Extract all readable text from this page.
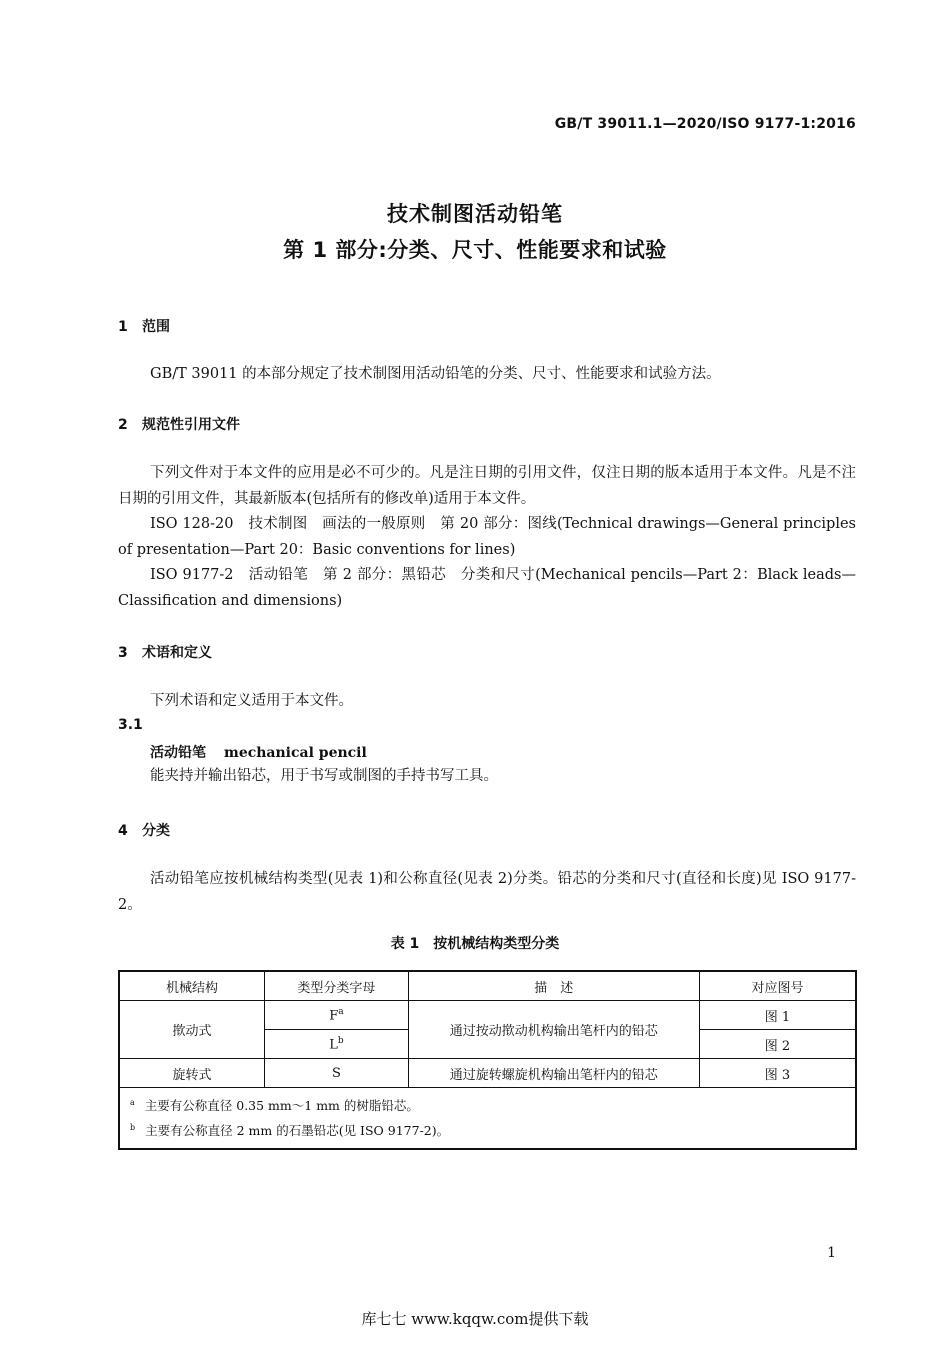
GB/T 39011.1—2020/ISO 9177-1:2016
技术制图活动铅笔
第 1 部分:分类、尺寸、性能要求和试验
1 范围
GB/T 39011 的本部分规定了技术制图用活动铅笔的分类、尺寸、性能要求和试验方法。
2 规范性引用文件
下列文件对于本文件的应用是必不可少的。凡是注日期的引用文件，仅注日期的版本适用于本文件。凡是不注日期的引用文件，其最新版本(包括所有的修改单)适用于本文件。
ISO 128-20　技术制图　画法的一般原则　第 20 部分：图线(Technical drawings—General principles of presentation—Part 20：Basic conventions for lines)
ISO 9177-2　活动铅笔　第 2 部分：黑铅芯　分类和尺寸(Mechanical pencils—Part 2：Black leads—Classification and dimensions)
3 术语和定义
下列术语和定义适用于本文件。
3.1
活动铅笔 mechanical pencil
能夹持并输出铅芯，用于书写或制图的手持书写工具。
4 分类
活动铅笔应按机械结构类型(见表 1)和公称直径(见表 2)分类。铅芯的分类和尺寸(直径和长度)见 ISO 9177-2。
表 1　按机械结构类型分类
机械结构	类型分类字母	描　述	对应图号
揿动式	$F^a$	通过按动揿动机构输出笔杆内的铅芯	图 1
	$L^b$		图 2
旋转式	S	通过旋转螺旋机构输出笔杆内的铅芯	图 3

$^a$ 主要有公称直径 0.35 mm～1 mm 的树脂铅芯。
$^b$ 主要有公称直径 2 mm 的石墨铅芯(见 ISO 9177-2)。			
1
库七七 www.kqqw.com提供下载
